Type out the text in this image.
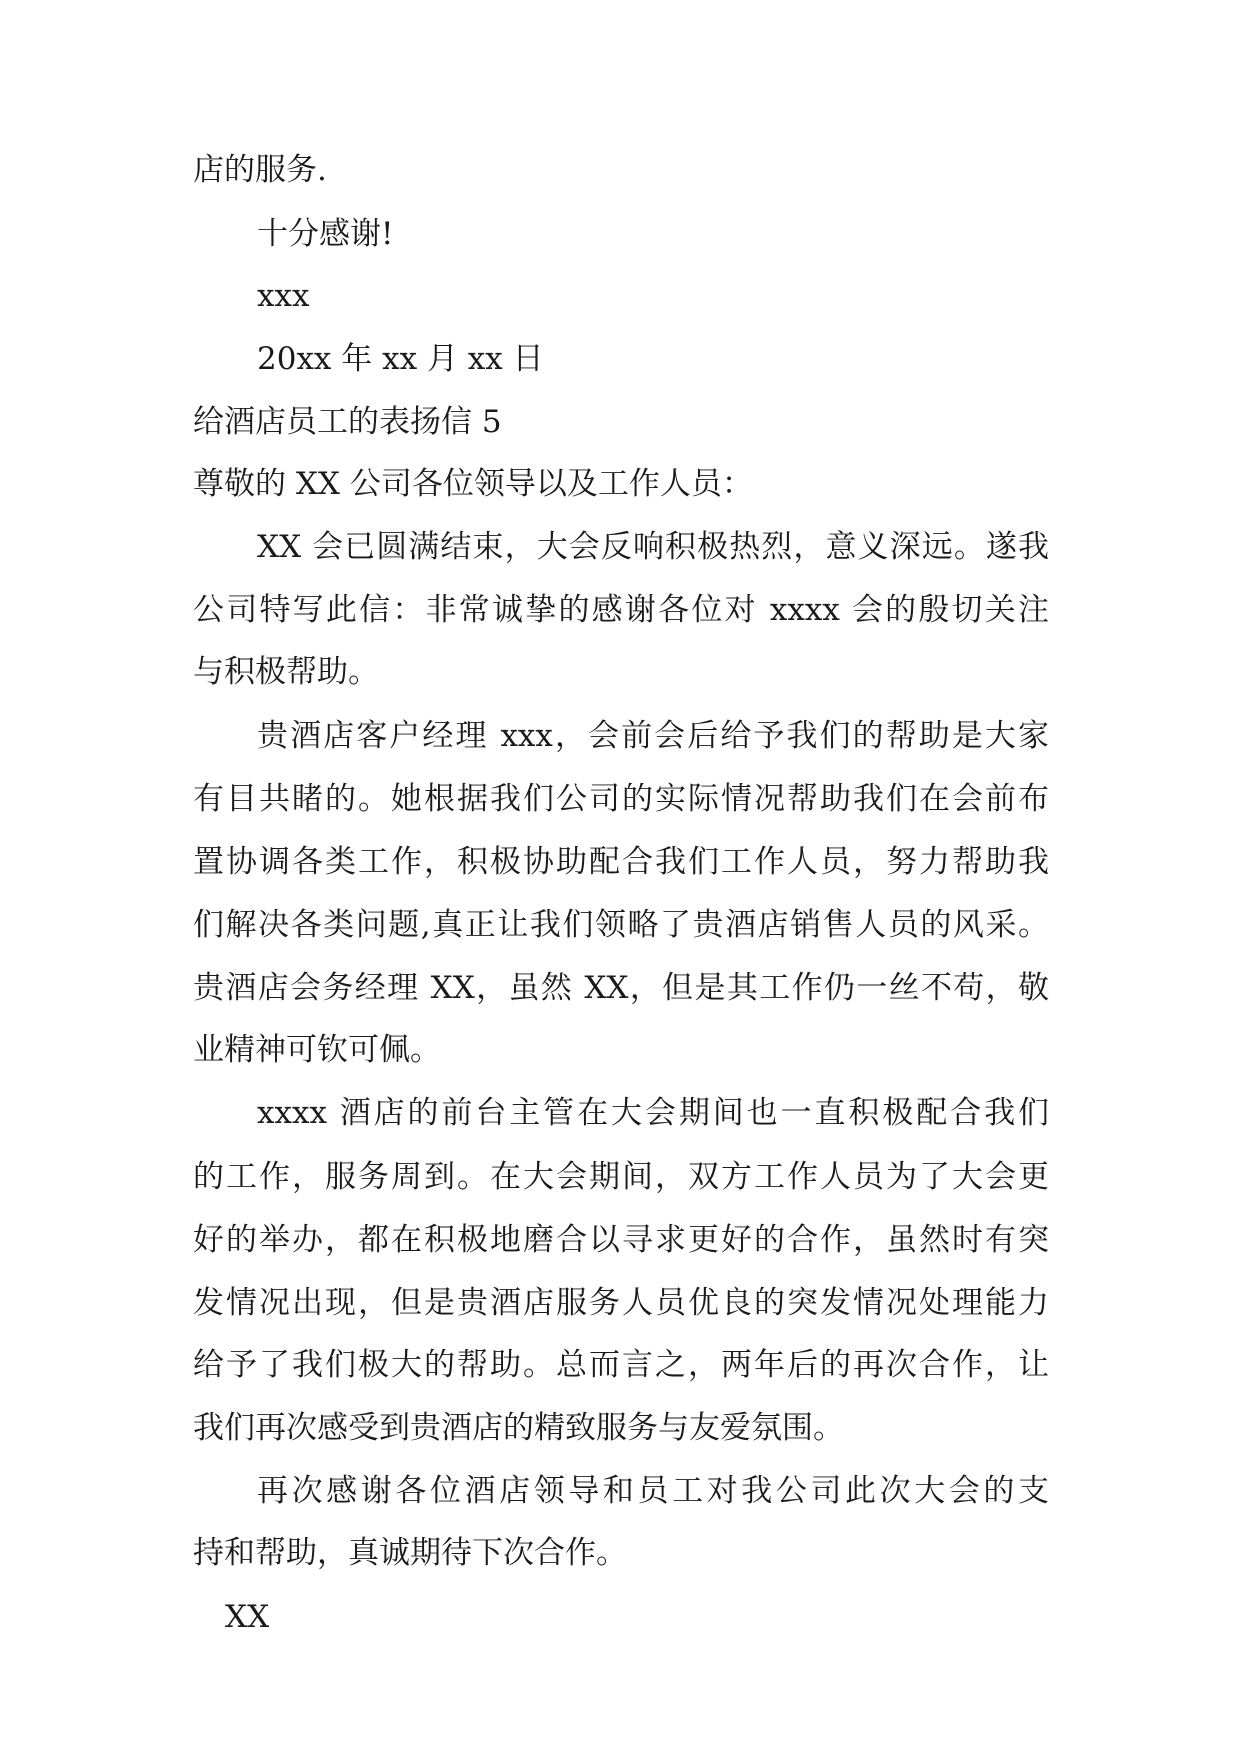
店的服务.

十分感谢!

xxx

20xx 年 xx 月 xx 日

给酒店员工的表扬信 5

尊敬的 XX 公司各位领导以及工作人员：

XX 会已圆满结束，大会反响积极热烈，意义深远。遂我

公司特写此信：非常诚挚的感谢各位对 xxxx 会的殷切关注

与积极帮助。

贵酒店客户经理 xxx，会前会后给予我们的帮助是大家

有目共睹的。她根据我们公司的实际情况帮助我们在会前布

置协调各类工作，积极协助配合我们工作人员，努力帮助我

们解决各类问题,真正让我们领略了贵酒店销售人员的风采。

贵酒店会务经理 XX，虽然 XX，但是其工作仍一丝不苟，敬

业精神可钦可佩。

xxxx 酒店的前台主管在大会期间也一直积极配合我们

的工作，服务周到。在大会期间，双方工作人员为了大会更

好的举办，都在积极地磨合以寻求更好的合作，虽然时有突

发情况出现，但是贵酒店服务人员优良的突发情况处理能力

给予了我们极大的帮助。总而言之，两年后的再次合作，让

我们再次感受到贵酒店的精致服务与友爱氛围。

再次感谢各位酒店领导和员工对我公司此次大会的支

持和帮助，真诚期待下次合作。

XX
